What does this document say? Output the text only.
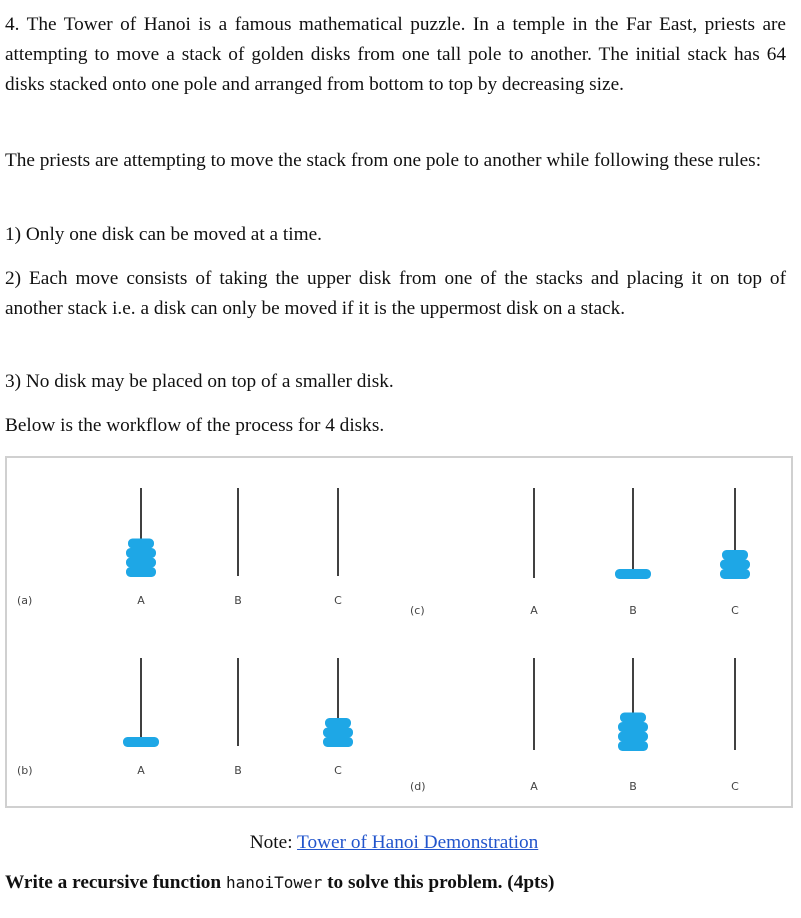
4. The Tower of Hanoi is a famous mathematical puzzle. In a temple in the Far East, priests are attempting to move a stack of golden disks from one tall pole to another. The initial stack has 64 disks stacked onto one pole and arranged from bottom to top by decreasing size.

The priests are attempting to move the stack from one pole to another while following these rules:

1) Only one disk can be moved at a time.

2) Each move consists of taking the upper disk from one of the stacks and placing it on top of another stack i.e. a disk can only be moved if it is the uppermost disk on a stack.

3) No disk may be placed on top of a smaller disk.

Below is the workflow of the process for 4 disks.

(a)	A	B	C
(b)	A	B	C
(c)	A	B	C
(d)	A	B	C
Note: Tower of Hanoi Demonstration
Write a recursive function hanoiTower to solve this problem. (4pts)
